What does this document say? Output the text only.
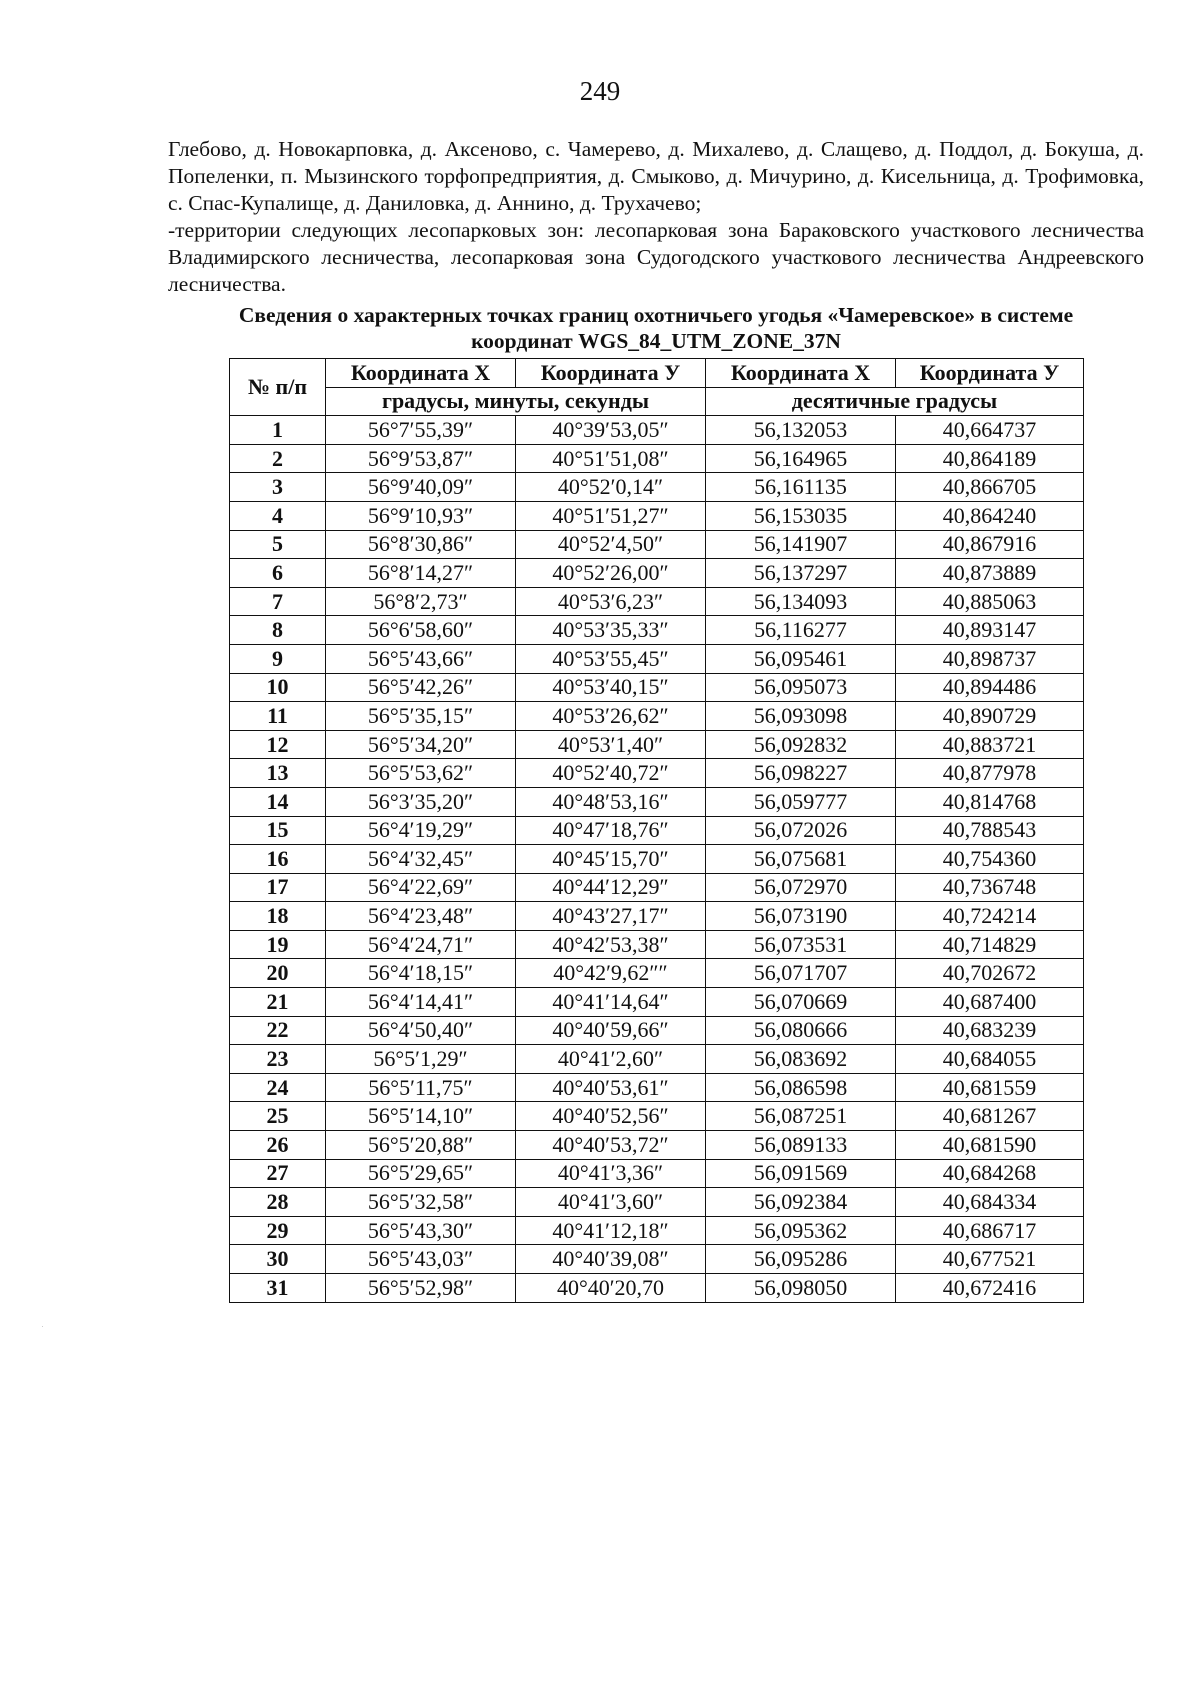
249

Глебово, д. Новокарповка, д. Аксеново, с. Чамерево, д. Михалево, д. Слащево, д. Поддол, д. Бокуша, д. Попеленки, п. Мызинского торфопредприятия, д. Смыково, д. Мичурино, д. Кисельница, д. Трофимовка, с. Спас-Купалище, д. Даниловка, д. Аннино, д. Трухачево;

-территории следующих лесопарковых зон: лесопарковая зона Бараковского участкового лесничества Владимирского лесничества, лесопарковая зона Судогодского участкового лесничества Андреевского лесничества.

Сведения о характерных точках границ охотничьего угодья «Чамеревское» в системе
координат WGS_84_UTM_ZONE_37N
№ п/п	Координата X	Координата У	Координата X	Координата У
	градусы, минуты, секунды		десятичные градусы	
1	56°7′55,39″	40°39′53,05″	56,132053	40,664737
2	56°9′53,87″	40°51′51,08″	56,164965	40,864189
3	56°9′40,09″	40°52′0,14″	56,161135	40,866705
4	56°9′10,93″	40°51′51,27″	56,153035	40,864240
5	56°8′30,86″	40°52′4,50″	56,141907	40,867916
6	56°8′14,27″	40°52′26,00″	56,137297	40,873889
7	56°8′2,73″	40°53′6,23″	56,134093	40,885063
8	56°6′58,60″	40°53′35,33″	56,116277	40,893147
9	56°5′43,66″	40°53′55,45″	56,095461	40,898737
10	56°5′42,26″	40°53′40,15″	56,095073	40,894486
11	56°5′35,15″	40°53′26,62″	56,093098	40,890729
12	56°5′34,20″	40°53′1,40″	56,092832	40,883721
13	56°5′53,62″	40°52′40,72″	56,098227	40,877978
14	56°3′35,20″	40°48′53,16″	56,059777	40,814768
15	56°4′19,29″	40°47′18,76″	56,072026	40,788543
16	56°4′32,45″	40°45′15,70″	56,075681	40,754360
17	56°4′22,69″	40°44′12,29″	56,072970	40,736748
18	56°4′23,48″	40°43′27,17″	56,073190	40,724214
19	56°4′24,71″	40°42′53,38″	56,073531	40,714829
20	56°4′18,15″	40°42′9,62″″	56,071707	40,702672
21	56°4′14,41″	40°41′14,64″	56,070669	40,687400
22	56°4′50,40″	40°40′59,66″	56,080666	40,683239
23	56°5′1,29″	40°41′2,60″	56,083692	40,684055
24	56°5′11,75″	40°40′53,61″	56,086598	40,681559
25	56°5′14,10″	40°40′52,56″	56,087251	40,681267
26	56°5′20,88″	40°40′53,72″	56,089133	40,681590
27	56°5′29,65″	40°41′3,36″	56,091569	40,684268
28	56°5′32,58″	40°41′3,60″	56,092384	40,684334
29	56°5′43,30″	40°41′12,18″	56,095362	40,686717
30	56°5′43,03″	40°40′39,08″	56,095286	40,677521
31	56°5′52,98″	40°40′20,70	56,098050	40,672416
